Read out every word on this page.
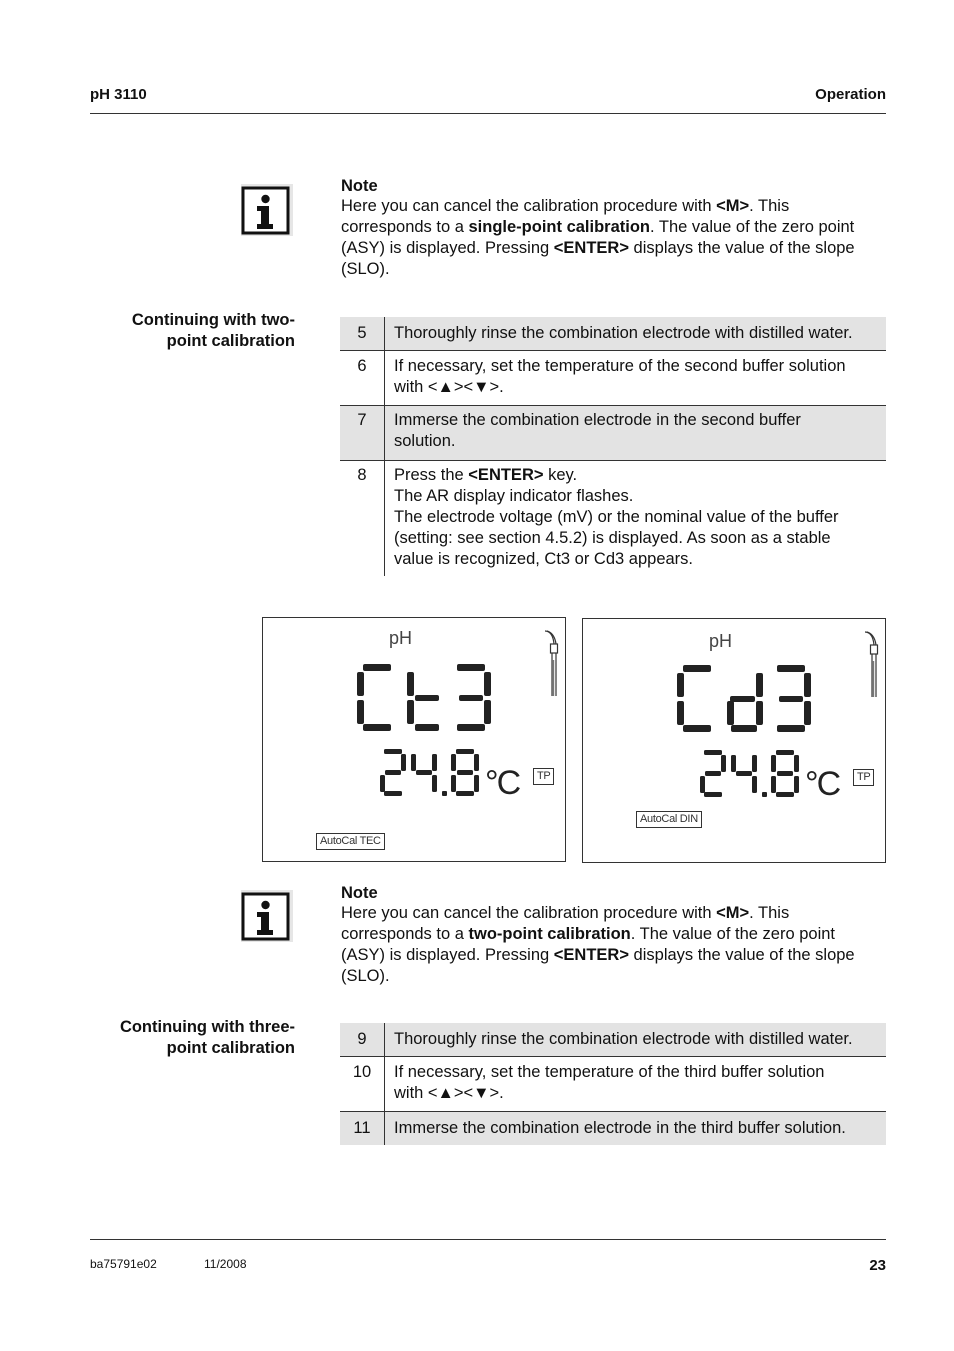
pH 3110	Operation
Note
Here you can cancel the calibration procedure with <M>. This
corresponds to a single-point calibration. The value of the zero point
(ASY) is displayed. Pressing <ENTER> displays the value of the slope
(SLO).
Continuing with two-
point calibration	5	Thoroughly rinse the combination electrode with distilled water.
6	If necessary, set the temperature of the second buffer solution
with <▲><▼>.
7	Immerse the combination electrode in the second buffer
solution.
8	Press the <ENTER> key.
The AR display indicator flashes.
The electrode voltage (mV) or the nominal value of the buffer
(setting: see section 4.5.2) is displayed. As soon as a stable
value is recognized, Ct3 or Cd3 appears.
pH
°C	TP
AutoCal TEC
pH
°C	TP
AutoCal DIN
Note
Here you can cancel the calibration procedure with <M>. This
corresponds to a two-point calibration. The value of the zero point
(ASY) is displayed. Pressing <ENTER> displays the value of the slope
(SLO).
Continuing with three-
point calibration	9	Thoroughly rinse the combination electrode with distilled water.
10	If necessary, set the temperature of the third buffer solution
with <▲><▼>.
11	Immerse the combination electrode in the third buffer solution.
ba75791e02	11/2008	23
